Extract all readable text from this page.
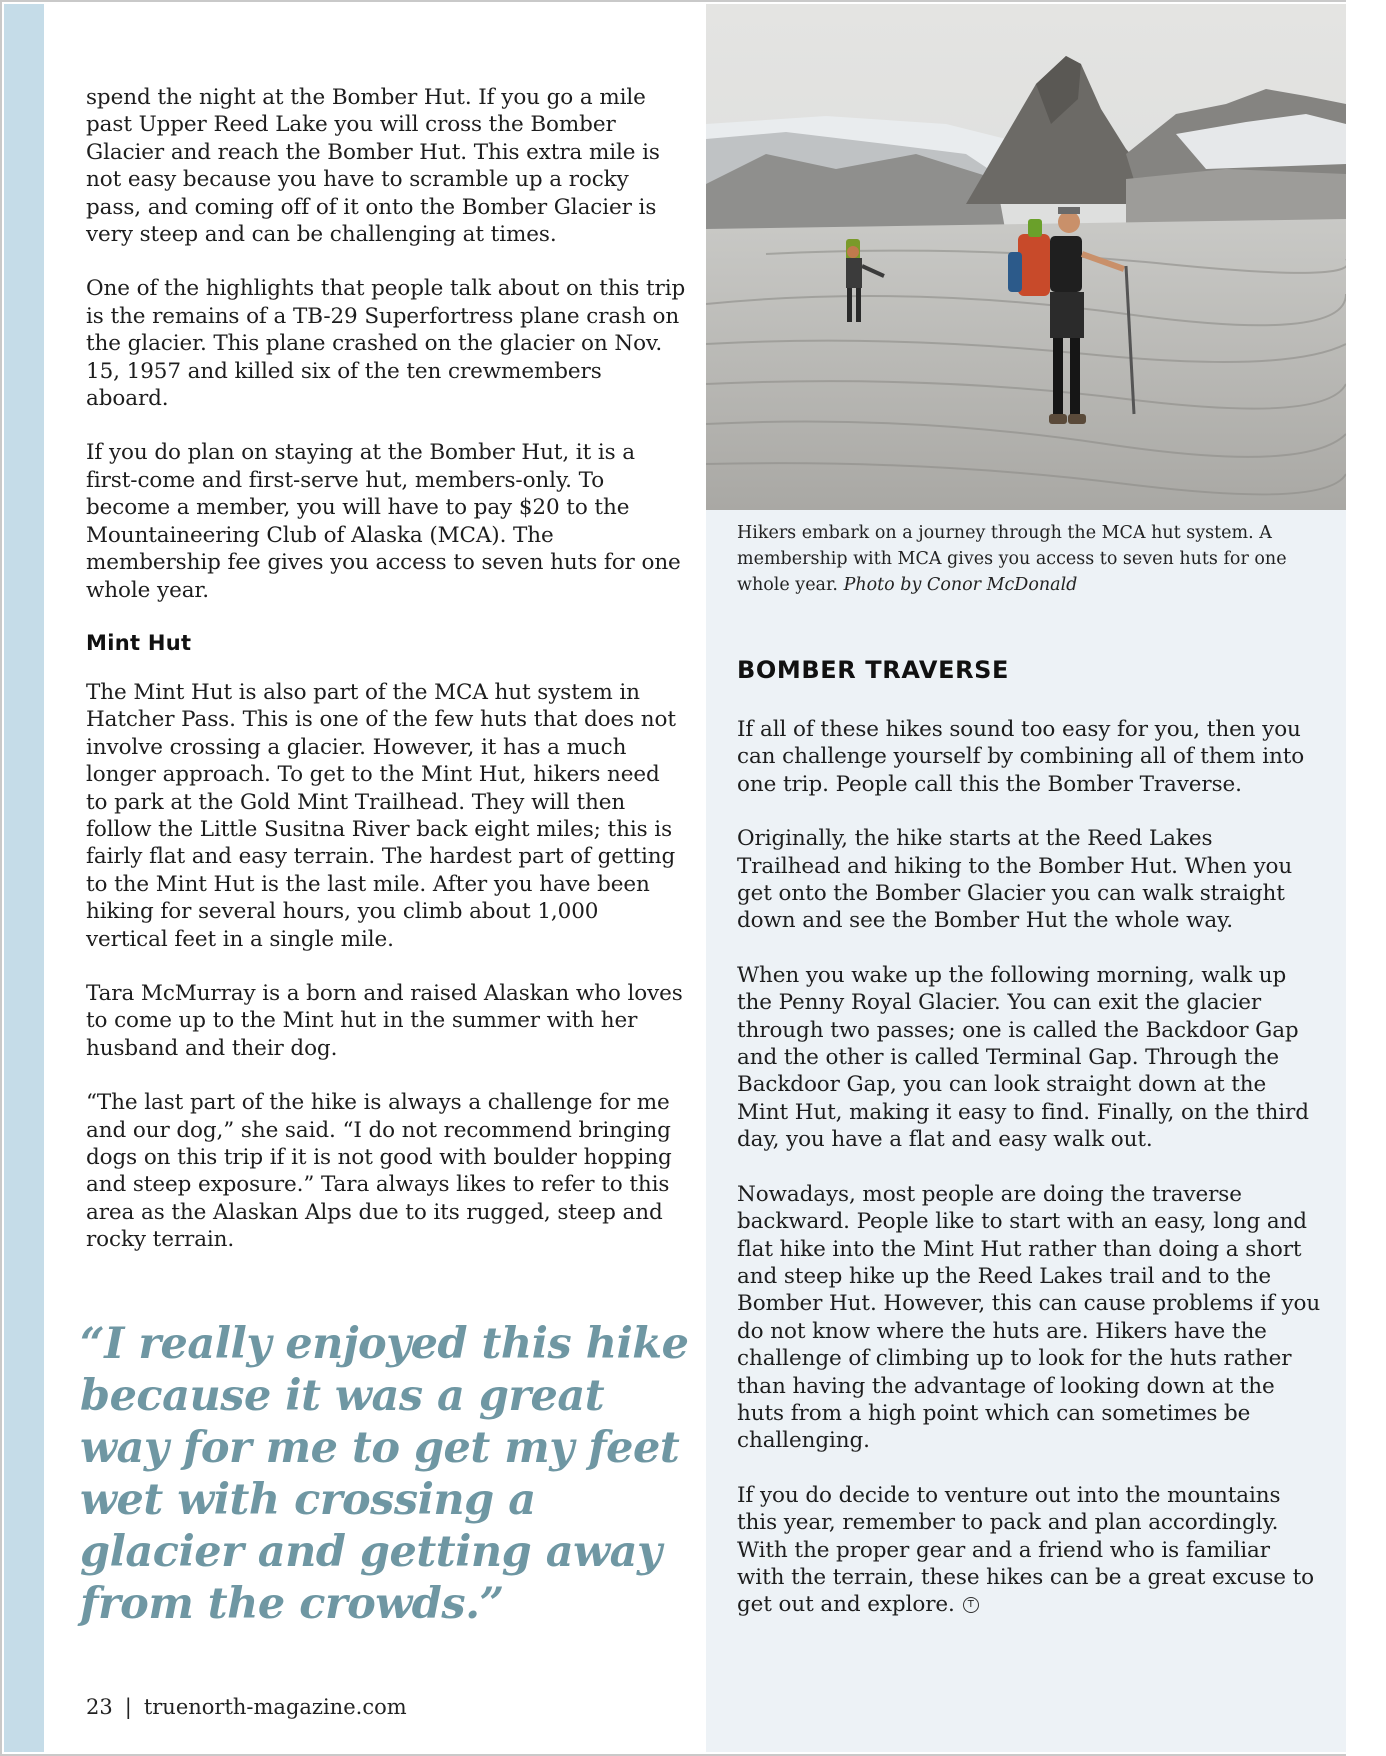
Hikers embark on a journey through the MCA hut system. A membership with MCA gives you access to seven huts for one whole year. Photo by Conor McDonald

spend the night at the Bomber Hut. If you go a mile past Upper Reed Lake you will cross the Bomber Glacier and reach the Bomber Hut. This extra mile is not easy because you have to scramble up a rocky pass, and coming off of it onto the Bomber Glacier is very steep and can be challenging at times.

One of the highlights that people talk about on this trip is the remains of a TB-29 Superfortress plane crash on the glacier. This plane crashed on the glacier on Nov. 15, 1957 and killed six of the ten crewmembers aboard.

If you do plan on staying at the Bomber Hut, it is a first-come and first-serve hut, members-only. To become a member, you will have to pay $20 to the Mountaineering Club of Alaska (MCA). The membership fee gives you access to seven huts for one whole year.

Mint Hut

The Mint Hut is also part of the MCA hut system in Hatcher Pass. This is one of the few huts that does not involve crossing a glacier. However, it has a much longer approach. To get to the Mint Hut, hikers need to park at the Gold Mint Trailhead. They will then follow the Little Susitna River back eight miles; this is fairly flat and easy terrain. The hardest part of getting to the Mint Hut is the last mile. After you have been hiking for several hours, you climb about 1,000 vertical feet in a single mile.

Tara McMurray is a born and raised Alaskan who loves to come up to the Mint hut in the summer with her husband and their dog.

“The last part of the hike is always a challenge for me and our dog,” she said. “I do not recommend bringing dogs on this trip if it is not good with boulder hopping and steep exposure.” Tara always likes to refer to this area as the Alaskan Alps due to its rugged, steep and rocky terrain.

“I really enjoyed this hike because it was a great way for me to get my feet wet with crossing a glacier and getting away from the crowds.”

BOMBER TRAVERSE

If all of these hikes sound too easy for you, then you can challenge yourself by combining all of them into one trip. People call this the Bomber Traverse.

Originally, the hike starts at the Reed Lakes Trailhead and hiking to the Bomber Hut. When you get onto the Bomber Glacier you can walk straight down and see the Bomber Hut the whole way.

When you wake up the following morning, walk up the Penny Royal Glacier. You can exit the glacier through two passes; one is called the Backdoor Gap and the other is called Terminal Gap. Through the Backdoor Gap, you can look straight down at the Mint Hut, making it easy to find. Finally, on the third day, you have a flat and easy walk out.

Nowadays, most people are doing the traverse backward. People like to start with an easy, long and flat hike into the Mint Hut rather than doing a short and steep hike up the Reed Lakes trail and to the Bomber Hut. However, this can cause problems if you do not know where the huts are. Hikers have the challenge of climbing up to look for the huts rather than having the advantage of looking down at the huts from a high point which can sometimes be challenging.

If you do decide to venture out into the mountains this year, remember to pack and plan accordingly. With the proper gear and a friend who is familiar with the terrain, these hikes can be a great excuse to get out and explore. T

23 | truenorth-magazine.com
